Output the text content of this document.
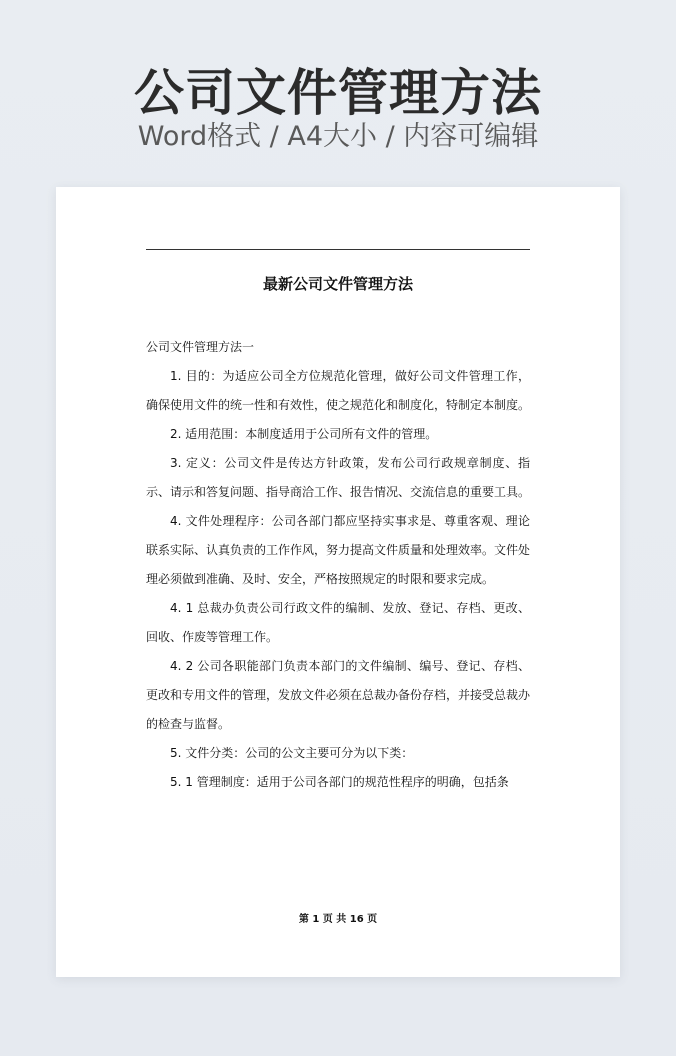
公司文件管理方法
Word格式 / A4大小 / 内容可编辑
最新公司文件管理方法

公司文件管理方法一

1. 目的：为适应公司全方位规范化管理，做好公司文件管理工作，确保使用文件的统一性和有效性，使之规范化和制度化，特制定本制度。

2. 适用范围：本制度适用于公司所有文件的管理。

3. 定义：公司文件是传达方针政策，发布公司行政规章制度、指示、请示和答复问题、指导商洽工作、报告情况、交流信息的重要工具。

4. 文件处理程序：公司各部门都应坚持实事求是、尊重客观、理论联系实际、认真负责的工作作风，努力提高文件质量和处理效率。文件处理必须做到准确、及时、安全，严格按照规定的时限和要求完成。

4. 1 总裁办负责公司行政文件的编制、发放、登记、存档、更改、回收、作废等管理工作。

4. 2 公司各职能部门负责本部门的文件编制、编号、登记、存档、更改和专用文件的管理，发放文件必须在总裁办备份存档，并接受总裁办的检查与监督。

5. 文件分类：公司的公文主要可分为以下类：

5. 1 管理制度：适用于公司各部门的规范性程序的明确，包括条

第 1 页 共 16 页
